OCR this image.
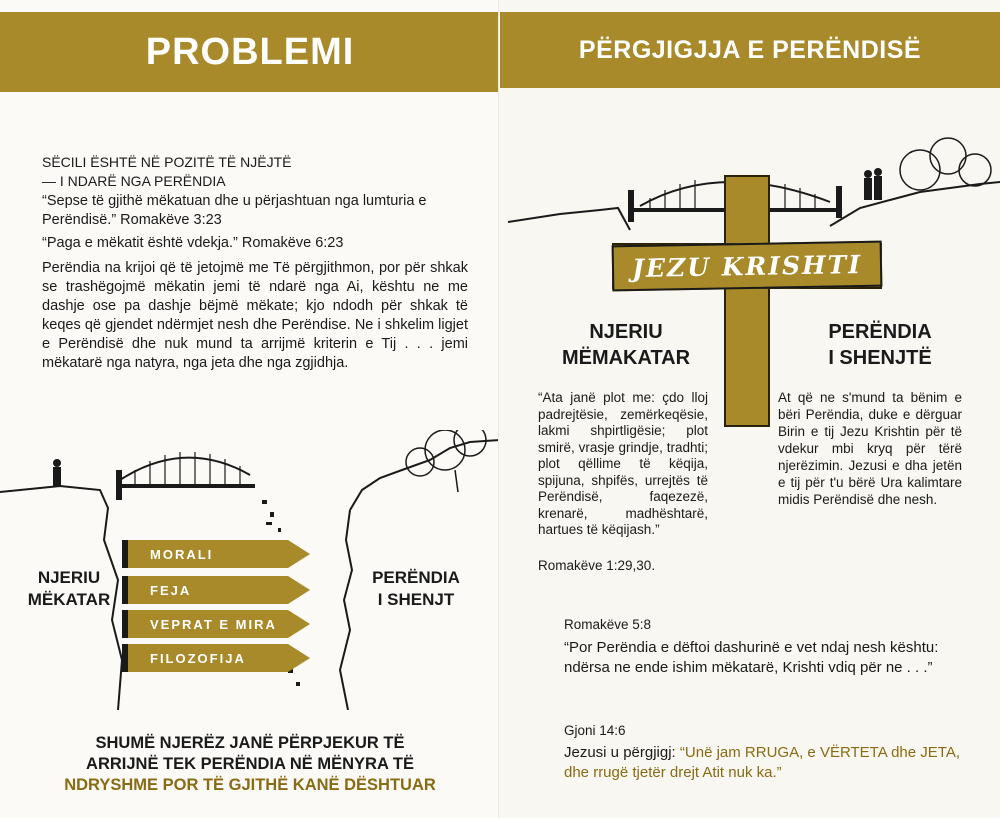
PROBLEMI
SËCILI ËSHTË NË POZITË TË NJËJTË
— I NDARË NGA PERËNDIA
“Sepse të gjithë mëkatuan dhe u përjashtuan nga lumturia e Perëndisë.” Romakëve 3:23
“Paga e mëkatit është vdekja.” Romakëve 6:23
Perëndia na krijoi që të jetojmë me Të përgjithmon, por për shkak se trashëgojmë mëkatin jemi të ndarë nga Ai, kështu ne me dashje ose pa dashje bëjmë mëkate; kjo ndodh për shkak të keqes që gjendet ndërmjet nesh dhe Perëndise. Ne i shkelim ligjet e Perëndisë dhe nuk mund ta arrijmë kriterin e Tij . . . jemi mëkatarë nga natyra, nga jeta dhe nga zgjidhja.
MORALI
FEJA
VEPRAT E MIRA
FILOZOFIJA
NJERIU
MËKATAR
PERËNDIA
I SHENJT
SHUMË NJERËZ JANË PËRPJEKUR TË
ARRIJNË TEK PERËNDIA NË MËNYRA TË
NDRYSHME POR TË GJITHË KANË DËSHTUAR
PËRGJIGJJA E PERËNDISË
JEZU KRISHTI
NJERIU
MËMAKATAR
PERËNDIA
I SHENJTË
“Ata janë plot me: çdo lloj padrejtësie, zemërkeqësie, lakmi shpirtligësie; plot smirë, vrasje grindje, tradhti; plot qëllime të këqija, spijuna, shpifës, urrejtës të Perëndisë, faqezezë, krenarë, madhështarë, hartues të këqijash.”
Romakëve 1:29,30.
At që ne s'mund ta bënim e bëri Perëndia, duke e dërguar Birin e tij Jezu Krishtin për të vdekur mbi kryq për tërë njerëzimin. Jezusi e dha jetën e tij për t'u bërë Ura kalimtare midis Perëndisë dhe nesh.
Romakëve 5:8
“Por Perëndia e dëftoi dashurinë e vet ndaj nesh kështu: ndërsa ne ende ishim mëkatarë, Krishti vdiq për ne . . .”
Gjoni 14:6
Jezusi u përgjigj: “Unë jam RRUGA, e VËRTETA dhe JETA, dhe rrugë tjetër drejt Atit nuk ka.”
